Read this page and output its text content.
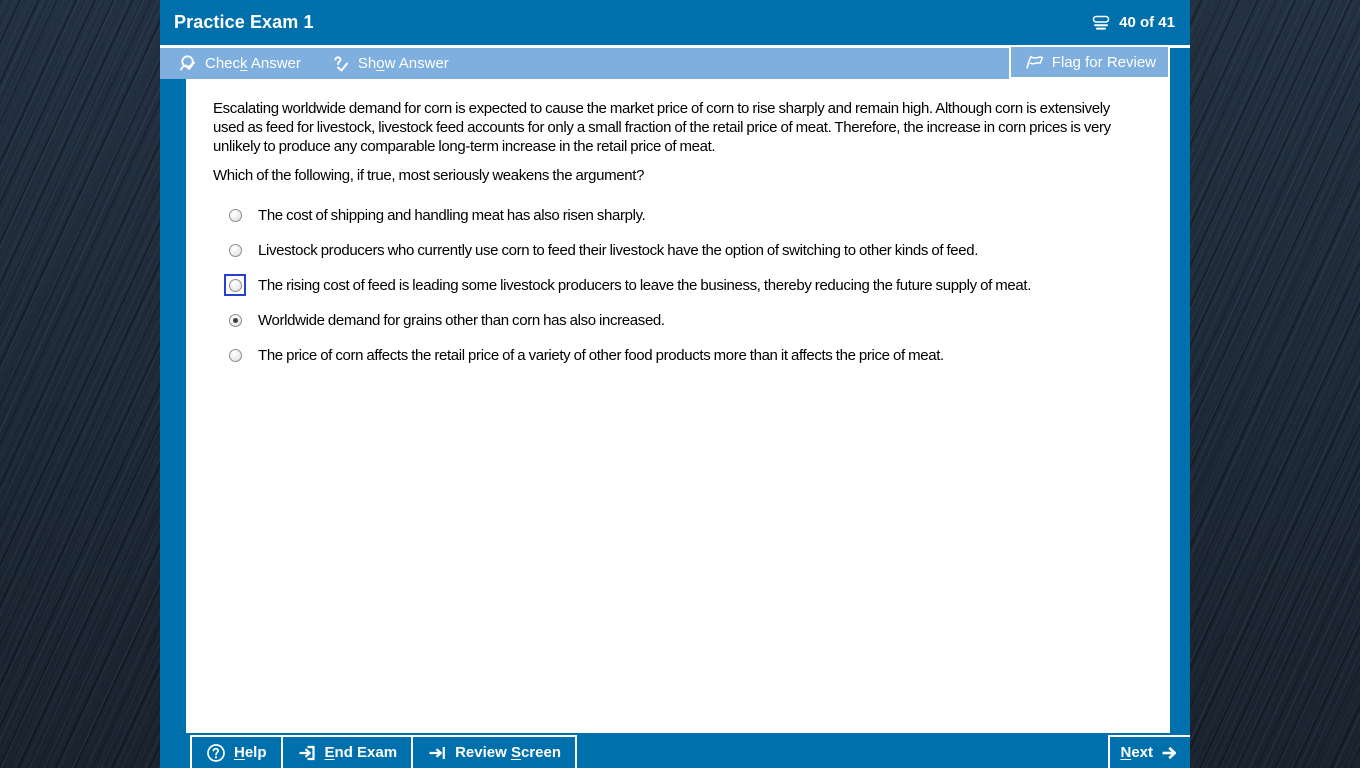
Practice Exam 1	40 of 41
Check Answer	Show Answer	Flag for Review

Escalating worldwide demand for corn is expected to cause the market price of corn to rise sharply and remain high. Although corn is extensively used as feed for livestock, livestock feed accounts for only a small fraction of the retail price of meat. Therefore, the increase in corn prices is very unlikely to produce any comparable long-term increase in the retail price of meat.

Which of the following, if true, most seriously weakens the argument?

The cost of shipping and handling meat has also risen sharply.
Livestock producers who currently use corn to feed their livestock have the option of switching to other kinds of feed.
The rising cost of feed is leading some livestock producers to leave the business, thereby reducing the future supply of meat.
Worldwide demand for grains other than corn has also increased.
The price of corn affects the retail price of a variety of other food products more than it affects the price of meat.
Help	End Exam	Review Screen	Next
